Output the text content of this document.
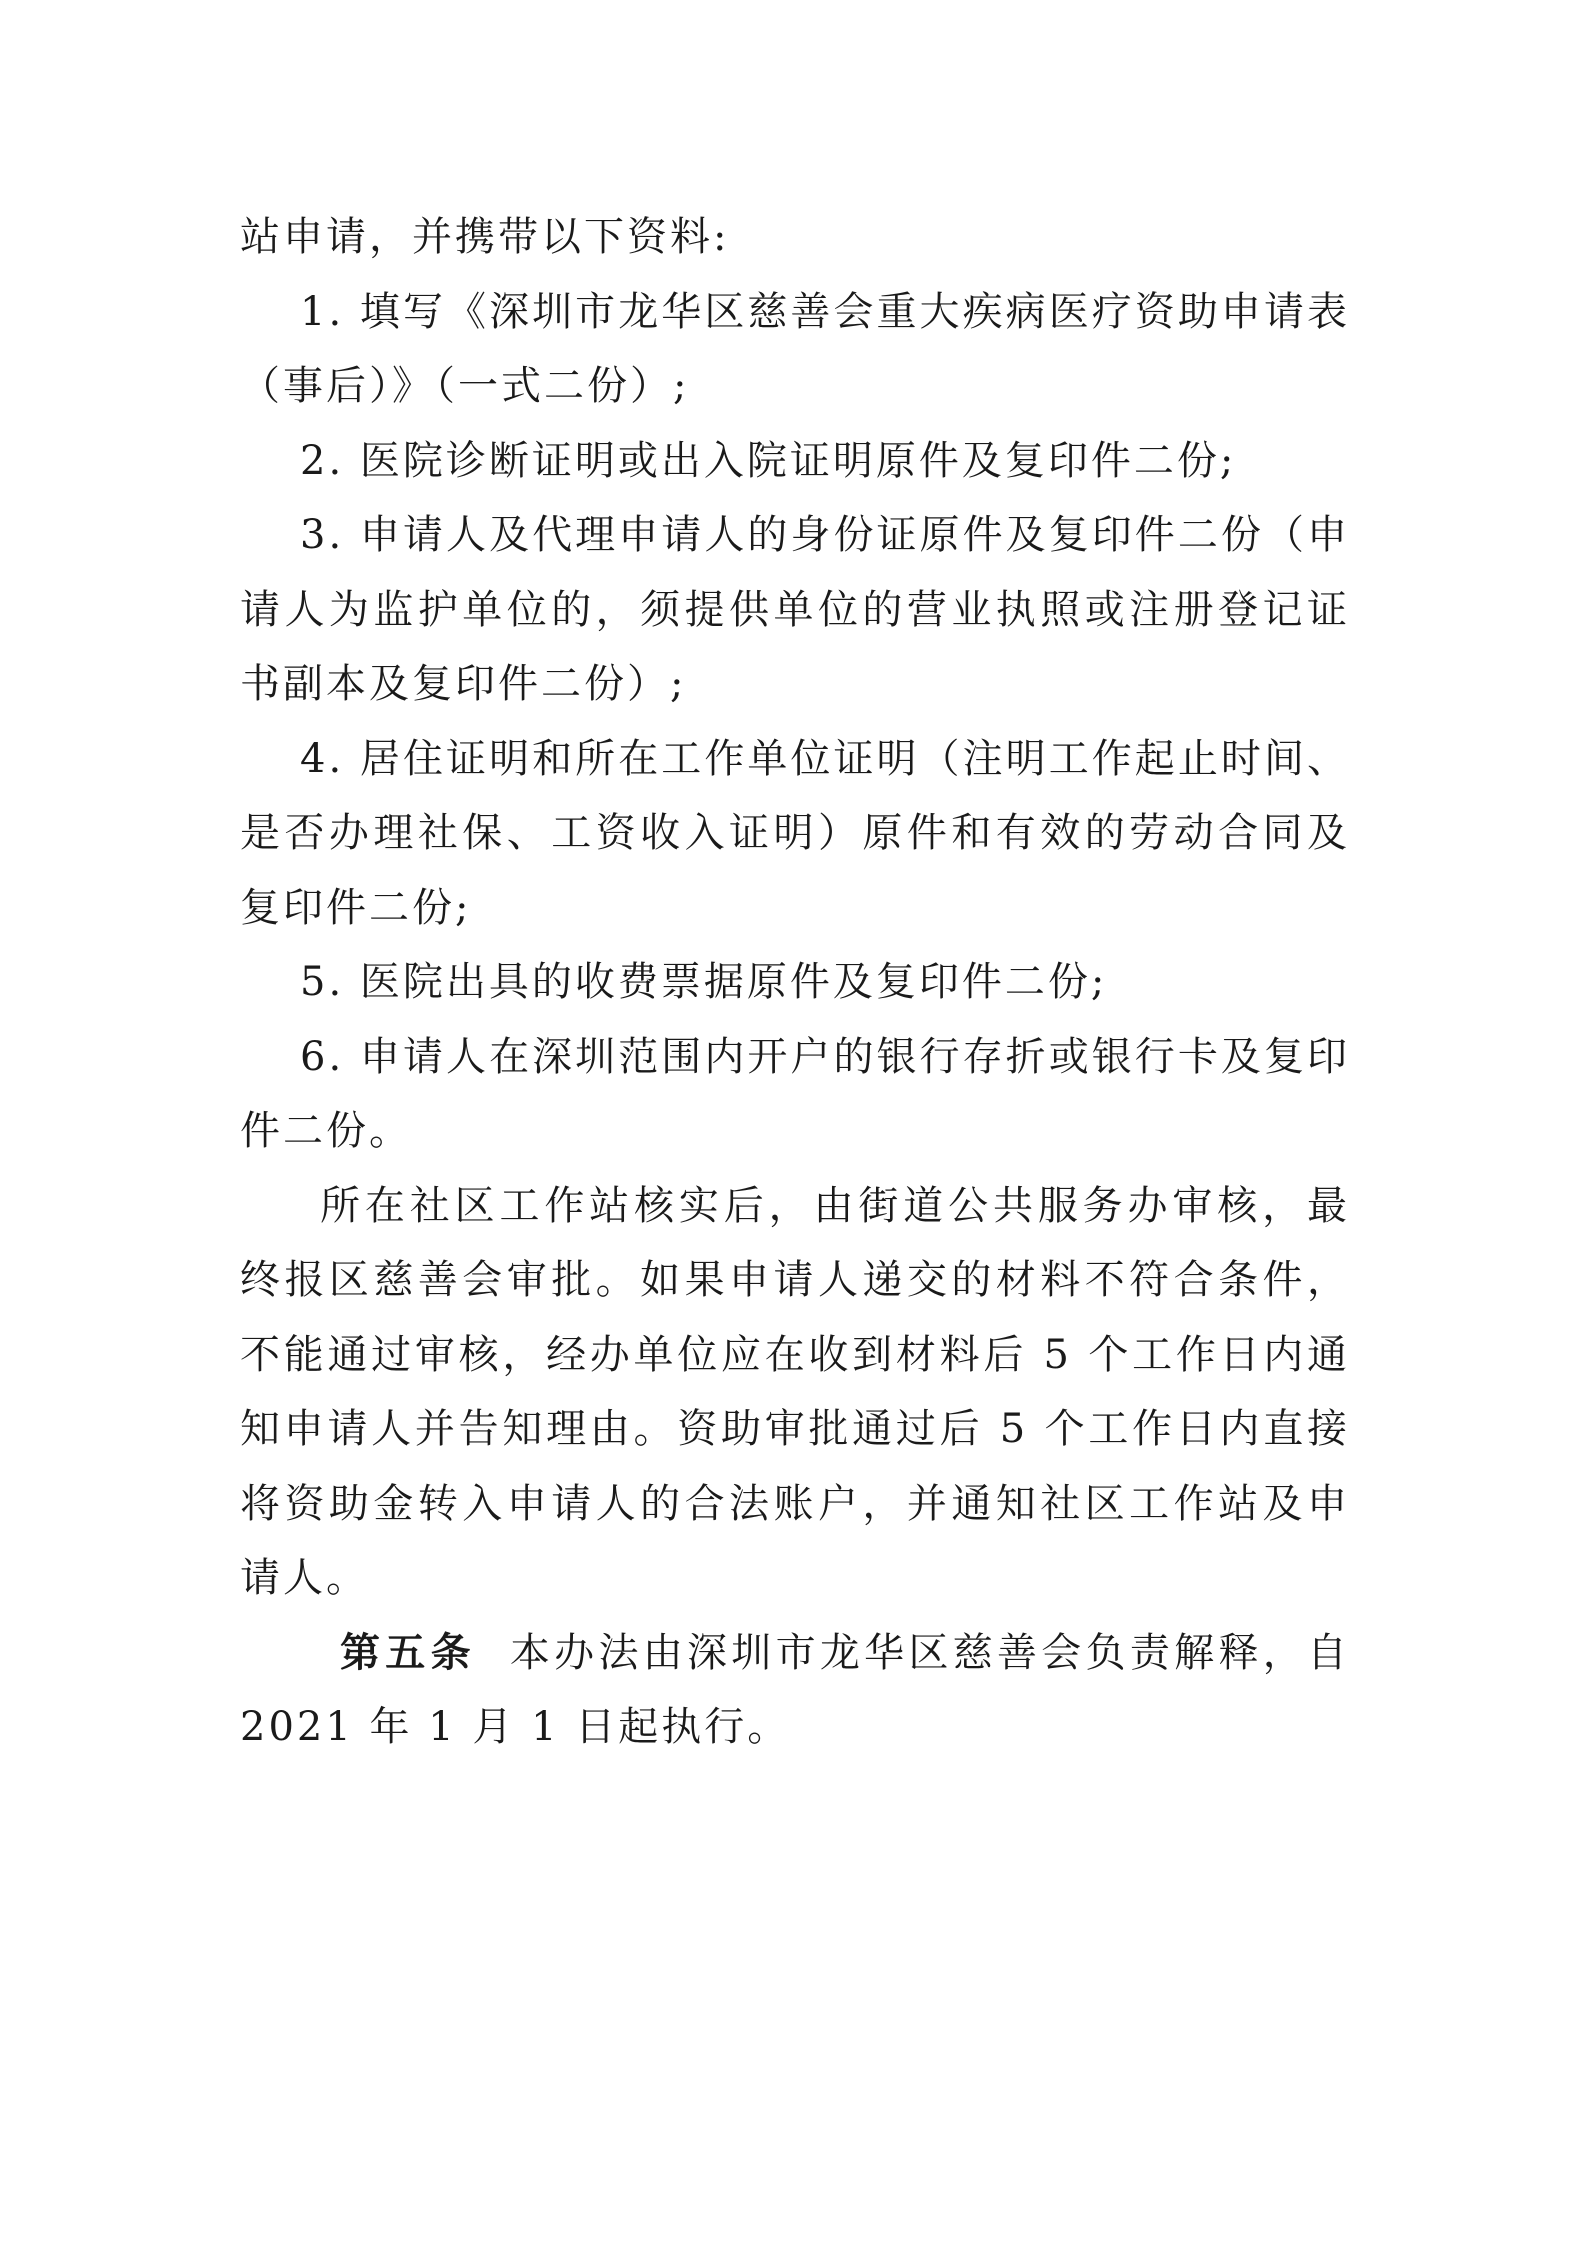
站申请，并携带以下资料:

1. 填写《深圳市龙华区慈善会重大疾病医疗资助申请表（事后）》（一式二份）;

2. 医院诊断证明或出入院证明原件及复印件二份;

3. 申请人及代理申请人的身份证原件及复印件二份（申请人为监护单位的，须提供单位的营业执照或注册登记证书副本及复印件二份）;

4. 居住证明和所在工作单位证明（注明工作起止时间、是否办理社保、工资收入证明）原件和有效的劳动合同及复印件二份;

5. 医院出具的收费票据原件及复印件二份;

6. 申请人在深圳范围内开户的银行存折或银行卡及复印件二份。

所在社区工作站核实后，由街道公共服务办审核，最终报区慈善会审批。如果申请人递交的材料不符合条件，不能通过审核，经办单位应在收到材料后 5 个工作日内通知申请人并告知理由。资助审批通过后 5 个工作日内直接将资助金转入申请人的合法账户，并通知社区工作站及申请人。

第五条 本办法由深圳市龙华区慈善会负责解释，自2021 年 1 月 1 日起执行。
